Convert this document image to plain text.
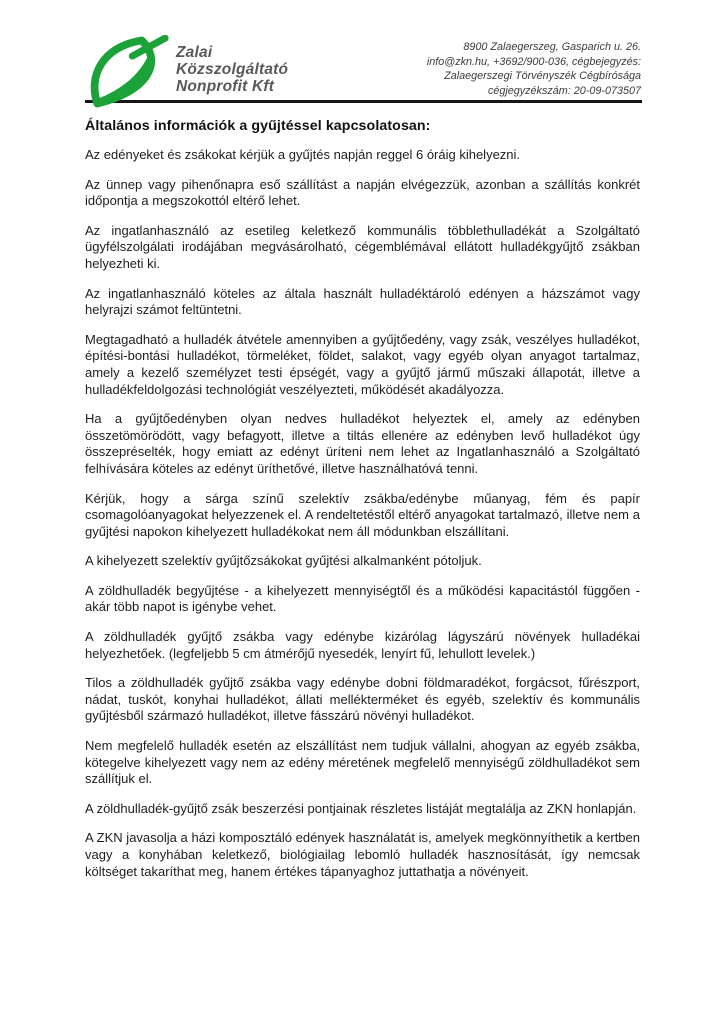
Zalai
Közszolgáltató
Nonprofit Kft
8900 Zalaegerszeg, Gasparich u. 26.
info@zkn.hu, +3692/900-036, cégbejegyzés:
Zalaegerszegi Törvényszék Cégbírósága
cégjegyzékszám: 20-09-073507
Általános információk a gyűjtéssel kapcsolatosan:

Az edényeket és zsákokat kérjük a gyűjtés napján reggel 6 óráig kihelyezni.

Az ünnep vagy pihenőnapra eső szállítást a napján elvégezzük, azonban a szállítás konkrét időpontja a megszokottól eltérő lehet.

Az ingatlanhasználó az esetileg keletkező kommunális többlethulladékát a Szolgáltató ügyfélszolgálati irodájában megvásárolható, cégemblémával ellátott hulladékgyűjtő zsákban helyezheti ki.

Az ingatlanhasználó köteles az általa használt hulladéktároló edényen a házszámot vagy helyrajzi számot feltüntetni.

Megtagadható a hulladék átvétele amennyiben a gyűjtőedény, vagy zsák, veszélyes hulladékot, építési-bontási hulladékot, törmeléket, földet, salakot, vagy egyéb olyan anyagot tartalmaz, amely a kezelő személyzet testi épségét, vagy a gyűjtő jármű műszaki állapotát, illetve a hulladékfeldolgozási technológiát veszélyezteti, működését akadályozza.

Ha a gyűjtőedényben olyan nedves hulladékot helyeztek el, amely az edényben összetömörödött, vagy befagyott, illetve a tiltás ellenére az edényben levő hulladékot úgy összepréselték, hogy emiatt az edényt üríteni nem lehet az Ingatlanhasználó a Szolgáltató felhívására köteles az edényt üríthetővé, illetve használhatóvá tenni.

Kérjük, hogy a sárga színű szelektív zsákba/edénybe műanyag, fém és papír csomagolóanyagokat helyezzenek el. A rendeltetéstől eltérő anyagokat tartalmazó, illetve nem a gyűjtési napokon kihelyezett hulladékokat nem áll módunkban elszállítani.

A kihelyezett szelektív gyűjtőzsákokat gyűjtési alkalmanként pótoljuk.

A zöldhulladék begyűjtése - a kihelyezett mennyiségtől és a működési kapacitástól függően - akár több napot is igénybe vehet.

A zöldhulladék gyűjtő zsákba vagy edénybe kizárólag lágyszárú növények hulladékai helyezhetőek. (legfeljebb 5 cm átmérőjű nyesedék, lenyírt fű, lehullott levelek.)

Tilos a zöldhulladék gyűjtő zsákba vagy edénybe dobni földmaradékot, forgácsot, fűrészport, nádat, tuskót, konyhai hulladékot, állati mellékterméket és egyéb, szelektív és kommunális gyűjtésből származó hulladékot, illetve fásszárú növényi hulladékot.

Nem megfelelő hulladék esetén az elszállítást nem tudjuk vállalni, ahogyan az egyéb zsákba, kötegelve kihelyezett vagy nem az edény méretének megfelelő mennyiségű zöldhulladékot sem szállítjuk el.

A zöldhulladék-gyűjtő zsák beszerzési pontjainak részletes listáját megtalálja az ZKN honlapján.

A ZKN javasolja a házi komposztáló edények használatát is, amelyek megkönnyíthetik a kertben vagy a konyhában keletkező, biológiailag lebomló hulladék hasznosítását, így nemcsak költséget takaríthat meg, hanem értékes tápanyaghoz juttathatja a növényeit.
